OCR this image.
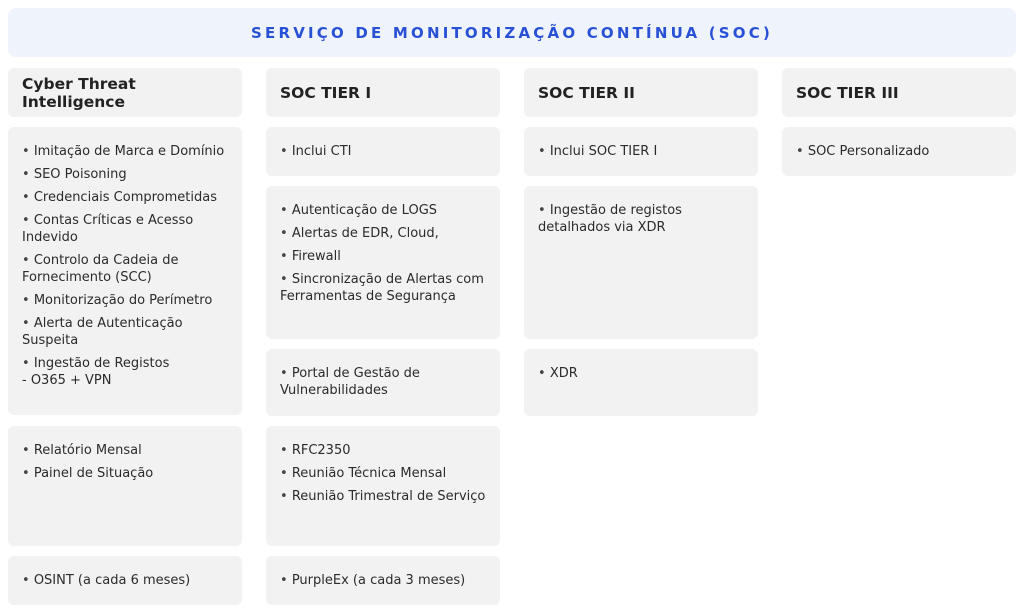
SERVIÇO DE MONITORIZAÇÃO CONTÍNUA (SOC)
Cyber Threat Intelligence
• Imitação de Marca e Domínio
• SEO Poisoning
• Credenciais Comprometidas
• Contas Críticas e Acesso Indevido
• Controlo da Cadeia de Fornecimento (SCC)
• Monitorização do Perímetro
• Alerta de Autenticação Suspeita
• Ingestão de Registos
- O365 + VPN
• Relatório Mensal
• Painel de Situação
• OSINT (a cada 6 meses)
SOC TIER I
• Inclui CTI
• Autenticação de LOGS
• Alertas de EDR, Cloud,
• Firewall
• Sincronização de Alertas com Ferramentas de Segurança
• Portal de Gestão de Vulnerabilidades
• RFC2350
• Reunião Técnica Mensal
• Reunião Trimestral de Serviço
• PurpleEx (a cada 3 meses)
SOC TIER II
• Inclui SOC TIER I
• Ingestão de registos detalhados via XDR
• XDR
SOC TIER III
• SOC Personalizado
